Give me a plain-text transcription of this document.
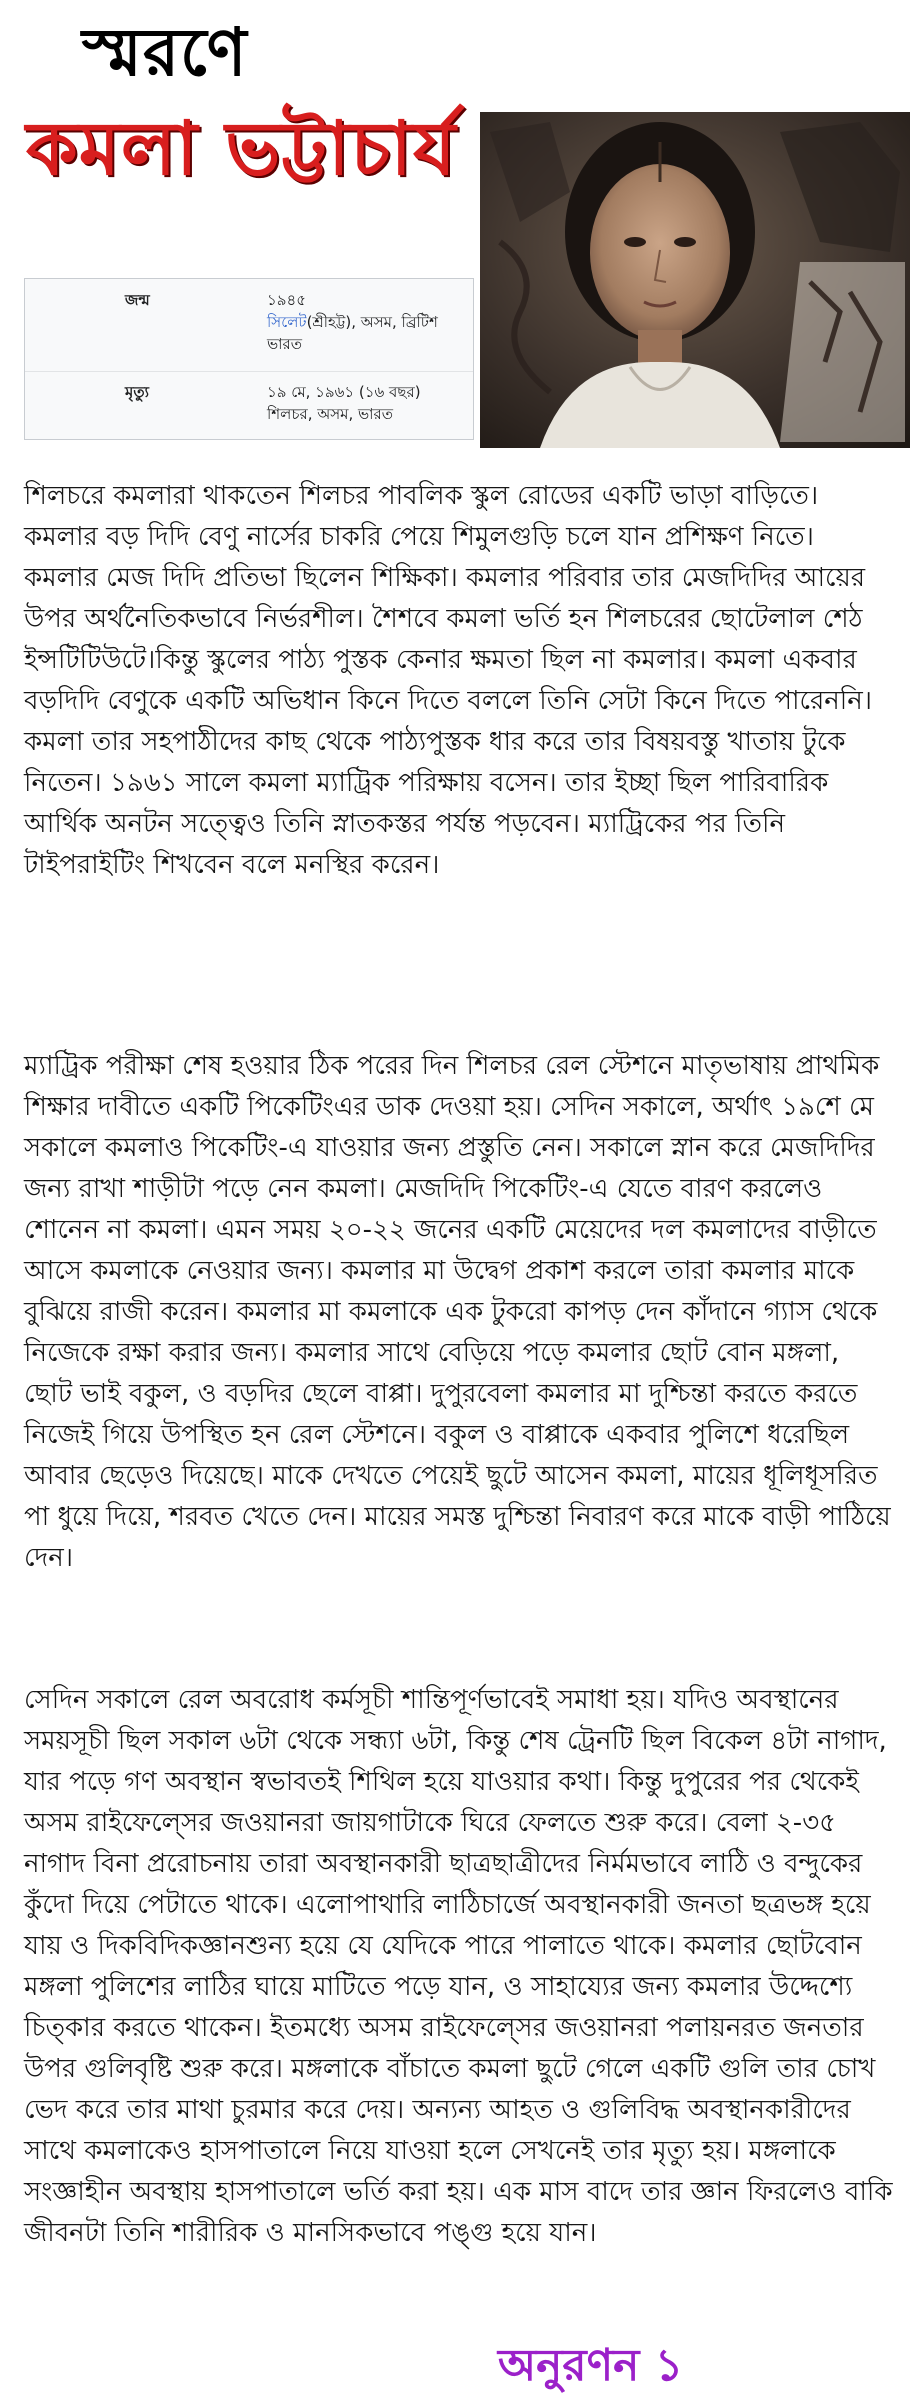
স্মরণে
কমলা ভট্টাচার্য
জন্ম	১৯৪৫
সিলেট(শ্রীহট্ট), অসম, ব্রিটিশ ভারত
মৃত্যু	১৯ মে, ১৯৬১ (১৬ বছর)
শিলচর, অসম, ভারত

শিলচরে কমলারা থাকতেন শিলচর পাবলিক স্কুল রোডের একটি ভাড়া বাড়িতে। কমলার বড় দিদি বেণু নার্সের চাকরি পেয়ে শিমুলগুড়ি চলে যান প্রশিক্ষণ নিতে। কমলার মেজ দিদি প্রতিভা ছিলেন শিক্ষিকা। কমলার পরিবার তার মেজদিদির আয়ের উপর অর্থনৈতিকভাবে নির্ভরশীল। শৈশবে কমলা ভর্তি হন শিলচরের ছোটেলাল শেঠ ইন্সটিটিউটে।কিন্তু স্কুলের পাঠ্য পুস্তক কেনার ক্ষমতা ছিল না কমলার। কমলা একবার বড়দিদি বেণুকে একটি অভিধান কিনে দিতে বললে তিনি সেটা কিনে দিতে পারেননি। কমলা তার সহপাঠীদের কাছ থেকে পাঠ্যপুস্তক ধার করে তার বিষয়বস্তু খাতায় টুকে নিতেন। ১৯৬১ সালে কমলা ম্যাট্রিক পরিক্ষায় বসেন। তার ইচ্ছা ছিল পারিবারিক আর্থিক অনটন সত্ত্বেও তিনি স্নাতকস্তর পর্যন্ত পড়বেন। ম্যাট্রিকের পর তিনি টাইপরাইটিং শিখবেন বলে মনস্থির করেন।

ম্যাট্রিক পরীক্ষা শেষ হওয়ার ঠিক পরের দিন শিলচর রেল স্টেশনে মাতৃভাষায় প্রাথমিক শিক্ষার দাবীতে একটি পিকেটিংএর ডাক দেওয়া হয়। সেদিন সকালে, অর্থাৎ ১৯শে মে সকালে কমলাও পিকেটিং-এ যাওয়ার জন্য প্রস্তুতি নেন। সকালে স্নান করে মেজদিদির জন্য রাখা শাড়ীটা পড়ে নেন কমলা। মেজদিদি পিকেটিং-এ যেতে বারণ করলেও শোনেন না কমলা। এমন সময় ২০-২২ জনের একটি মেয়েদের দল কমলাদের বাড়ীতে আসে কমলাকে নেওয়ার জন্য। কমলার মা উদ্বেগ প্রকাশ করলে তারা কমলার মাকে বুঝিয়ে রাজী করেন। কমলার মা কমলাকে এক টুকরো কাপড় দেন কাঁদানে গ্যাস থেকে নিজেকে রক্ষা করার জন্য। কমলার সাথে বেড়িয়ে পড়ে কমলার ছোট বোন মঙ্গলা, ছোট ভাই বকুল, ও বড়দির ছেলে বাপ্পা। দুপুরবেলা কমলার মা দুশ্চিন্তা করতে করতে নিজেই গিয়ে উপস্থিত হন রেল স্টেশনে। বকুল ও বাপ্পাকে একবার পুলিশে ধরেছিল আবার ছেড়েও দিয়েছে। মাকে দেখতে পেয়েই ছুটে আসেন কমলা, মায়ের ধূলিধূসরিত পা ধুয়ে দিয়ে, শরবত খেতে দেন। মায়ের সমস্ত দুশ্চিন্তা নিবারণ করে মাকে বাড়ী পাঠিয়ে দেন।

সেদিন সকালে রেল অবরোধ কর্মসূচী শান্তিপূর্ণভাবেই সমাধা হয়। যদিও অবস্থানের সময়সূচী ছিল সকাল ৬টা থেকে সন্ধ্যা ৬টা, কিন্তু শেষ ট্রেনটি ছিল বিকেল ৪টা নাগাদ, যার পড়ে গণ অবস্থান স্বভাবতই শিথিল হয়ে যাওয়ার কথা। কিন্তু দুপুরের পর থেকেই অসম রাইফেল্সের জওয়ানরা জায়গাটাকে ঘিরে ফেলতে শুরু করে। বেলা ২-৩৫ নাগাদ বিনা প্ররোচনায় তারা অবস্থানকারী ছাত্রছাত্রীদের নির্মমভাবে লাঠি ও বন্দুকের কুঁদো দিয়ে পেটাতে থাকে। এলোপাথারি লাঠিচার্জে অবস্থানকারী জনতা ছত্রভঙ্গ হয়ে যায় ও দিকবিদিকজ্ঞানশুন্য হয়ে যে যেদিকে পারে পালাতে থাকে। কমলার ছোটবোন মঙ্গলা পুলিশের লাঠির ঘায়ে মাটিতে পড়ে যান, ও সাহায্যের জন্য কমলার উদ্দেশ্যে চিত্‌কার করতে থাকেন। ইতমধ্যে অসম রাইফেল্সের জওয়ানরা পলায়নরত জনতার উপর গুলিবৃষ্টি শুরু করে। মঙ্গলাকে বাঁচাতে কমলা ছুটে গেলে একটি গুলি তার চোখ ভেদ করে তার মাথা চুরমার করে দেয়। অন্যন্য আহত ও গুলিবিদ্ধ অবস্থানকারীদের সাথে কমলাকেও হাসপাতালে নিয়ে যাওয়া হলে সেখনেই তার মৃত্যু হয়। মঙ্গলাকে সংজ্ঞাহীন অবস্থায় হাসপাতালে ভর্তি করা হয়। এক মাস বাদে তার জ্ঞান ফিরলেও বাকি জীবনটা তিনি শারীরিক ও মানসিকভাবে পঙ্গু হয়ে যান।

অনুরণন ১
